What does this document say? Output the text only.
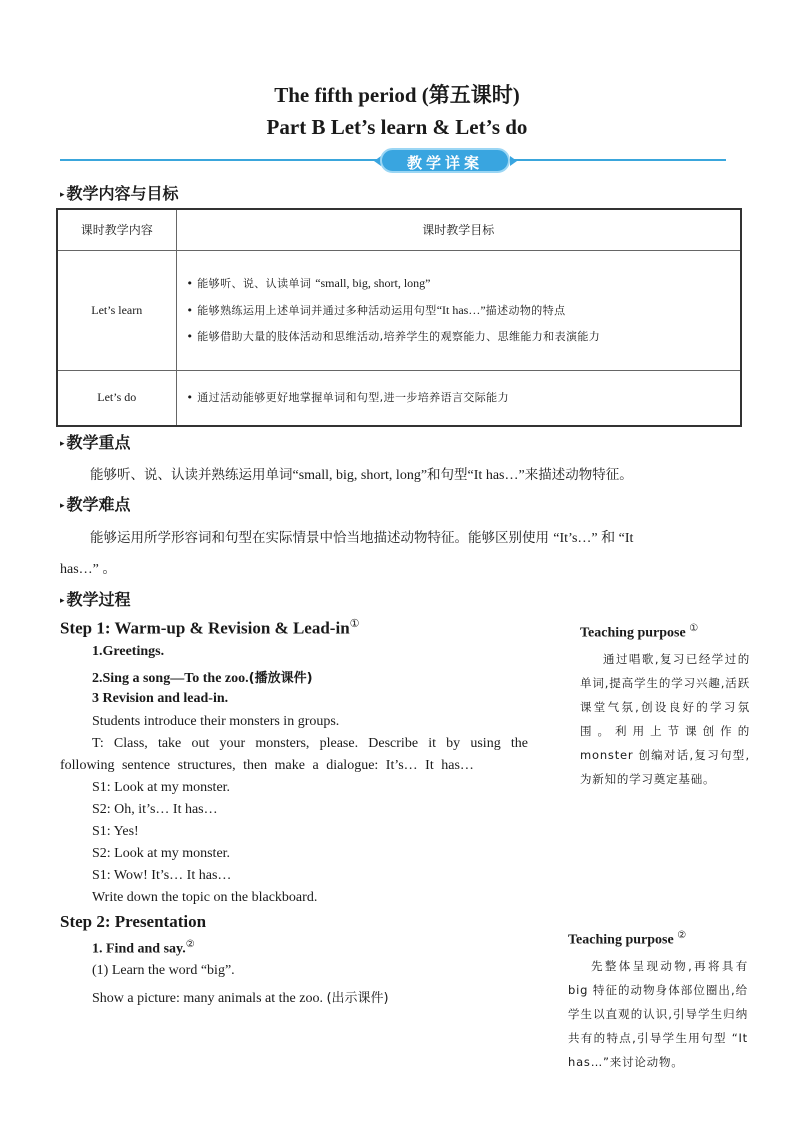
The fifth period (第五课时)
Part B Let’s learn & Let’s do
教学详案
▸ 教学内容与目标
课时教学内容	课时教学目标
Let’s learn	• 能够听、说、认读单词 “small, big, short, long”
• 能够熟练运用上述单词并通过多种活动运用句型“It has…”描述动物的特点
• 能够借助大量的肢体活动和思维活动,培养学生的观察能力、思维能力和表演能力

Let’s do	• 通过活动能够更好地掌握单词和句型,进一步培养语言交际能力
▸ 教学重点
能够听、说、认读并熟练运用单词“small, big, short, long”和句型“It has…”来描述动物特征。
▸ 教学难点
能够运用所学形容词和句型在实际情景中恰当地描述动物特征。能够区别使用 “It’s…” 和 “It
has…” 。
▸ 教学过程
Step 1: Warm-up & Revision & Lead-in①
1.Greetings.
2.Sing a song—To the zoo.(播放课件)
3 Revision and lead-in.
Students introduce their monsters in groups.
T: Class, take out your monsters, please. Describe it by using the
following sentence structures, then make a dialogue: It’s… It has…
S1: Look at my monster.
S2: Oh, it’s… It has…
S1: Yes!
S2: Look at my monster.
S1: Wow! It’s… It has…
Write down the topic on the blackboard.
Step 2: Presentation
1. Find and say.②
(1) Learn the word “big”.
Show a picture: many animals at the zoo. (出示课件)
Teaching purpose ①
通过唱歌,复习已经学过的单词,提高学生的学习兴趣,活跃课堂气氛,创设良好的学习氛围。利用上节课创作的 monster 创编对话,复习句型,为新知的学习奠定基础。
Teaching purpose ②
先整体呈现动物,再将具有 big 特征的动物身体部位圈出,给学生以直观的认识,引导学生归纳共有的特点,引导学生用句型 “It has…”来讨论动物。
